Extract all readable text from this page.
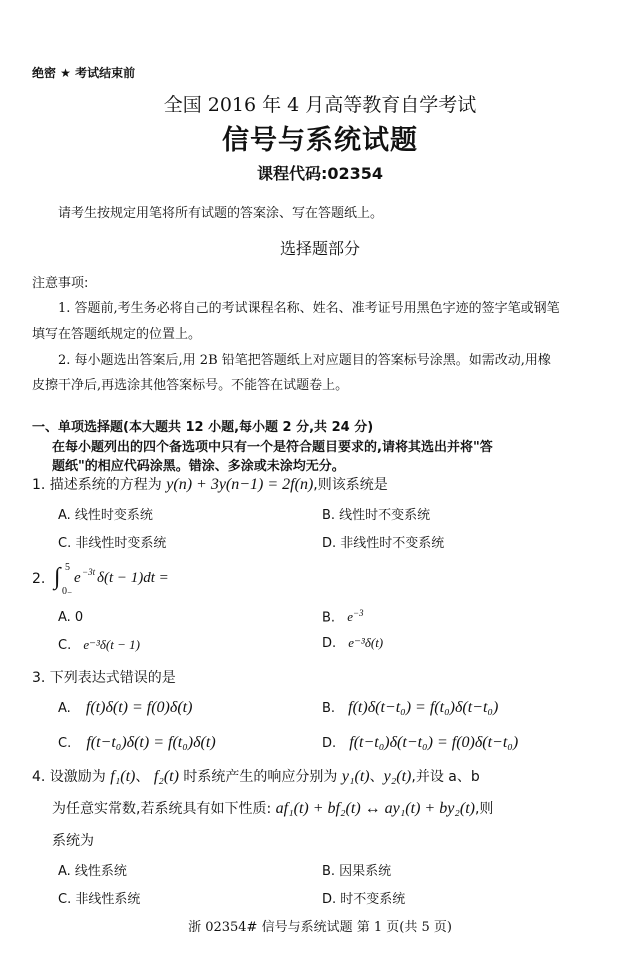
绝密 ★ 考试结束前
全国 2016 年 4 月高等教育自学考试
信号与系统试题
课程代码:02354
请考生按规定用笔将所有试题的答案涂、写在答题纸上。
选择题部分
注意事项:
1. 答题前,考生务必将自己的考试课程名称、姓名、准考证号用黑色字迹的签字笔或钢笔
填写在答题纸规定的位置上。
2. 每小题选出答案后,用 2B 铅笔把答题纸上对应题目的答案标号涂黑。如需改动,用橡
皮擦干净后,再选涂其他答案标号。不能答在试题卷上。
一、单项选择题(本大题共 12 小题,每小题 2 分,共 24 分)
在每小题列出的四个备选项中只有一个是符合题目要求的,请将其选出并将"答
题纸"的相应代码涂黑。错涂、多涂或未涂均无分。
1. 描述系统的方程为 y(n) + 3y(n−1) = 2f(n),则该系统是
A. 线性时变系统	B. 线性时不变系统
C. 非线性时变系统	D. 非线性时不变系统
2. ∫ 5
0₋
e −3t δ(t − 1)dt =
A. 0	B. $e^{-3}$
C. e⁻³δ(t − 1)	D. e⁻³δ(t)
3. 下列表达式错误的是
A. f(t)δ(t) = f(0)δ(t)	B. f(t)δ(t−t₀) = f(t₀)δ(t−t₀)
C. f(t−t₀)δ(t) = f(t₀)δ(t)	D. f(t−t₀)δ(t−t₀) = f(0)δ(t−t₀)
4. 设激励为 f₁(t)、 f₂(t) 时系统产生的响应分别为 y₁(t)、y₂(t),并设 a、b
为任意实常数,若系统具有如下性质: af₁(t) + bf₂(t) ↔ ay₁(t) + by₂(t),则
系统为
A. 线性系统	B. 因果系统
C. 非线性系统	D. 时不变系统
浙 02354# 信号与系统试题 第 1 页(共 5 页)
